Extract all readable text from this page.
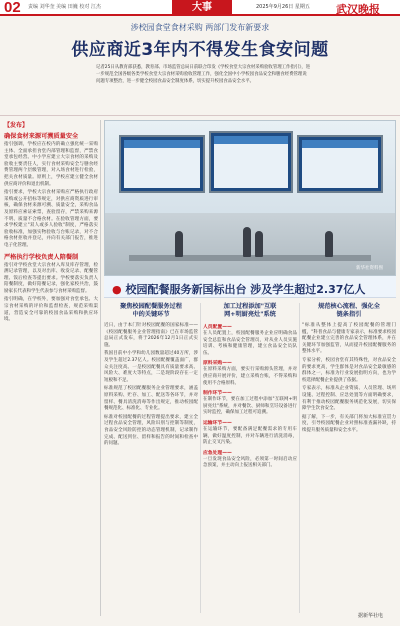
02 责编 刘华奎 美编 田巍 校对 江杰	大事	2025年9月26日 星期五 武汉晚报
涉校园食堂食材采购 两部门发布新要求
供应商近3年内不得发生食安问题
记者25日从教育部获悉，教育部、市场监管总局日前联合印发《学校食堂大宗食材采购验收管理工作指引》，进
一步规范全国各级各类学校食堂大宗食材采购验收管理工作，强化全国中小学校园食品安全和膳食经费管理说
问题专项整治，进一步健全校园食品安全制度体系，切实提升校园食品安全水平。
【发布】
确保食材来源可溯质量安全
指引强调，学校应在校内的确立强化统一采购主体、全面承担食堂内部管理和监督，严禁食堂承包经营。中小学应建立大宗食材的采购及验收主要责任人，实行食材采购安全与膳食经费管理两个层级管理，对入场食材进行检验，把关食材质量。原则上，学校应建立健全食材供应商评价和退出机制。
指引要求，学校大宗食材采购应严格执行政府采购或公开招标等规定，对供应商资质进行审核，确保食材来源可溯、质量安全，采购食品及原料应索证索票，查验留存，严禁采购来源不明、质量不合格食材。在验收管理方面，要求学校建立"双人或多人验收"制度，严格落实验收标准，加强实物验收与台账记录，对不合格食材拒收并登记，并向有关部门报告，推进电子化管理。
严格执行学校负责人陪餐制
指引对学校食堂大宗食材入库及库存管理，检测记录管理，以及对出库、收发记录、配餐管理、饭后检查等提出要求。学校要落实负责人陪餐制度，做好陪餐记录，强化家校共治，鼓励家长代表和学生代表参与食材采购监督。
指引明确，在学校外，要加强对食堂承包、大宗食材采购的评价和监督检查，规范采购渠道，营造安全可靠的校园食品采购和供应环境。
新华社资料图
● 校园配餐服务新国标出台 涉及学生超过2.37亿人
聚焦校园配餐服务过程
中的关键环节
近日，由于本门针对校园配餐的国家标准——《校园配餐服务企业管理指南》已在市场监管总局正式发布，将于2026年12月1日正式实施。
我国目前中小学和幼儿园数量超过40万所，涉及学生超过2.37亿人。校园配餐覆盖面广，群众关注度高。一是校园配餐具有质量要求高、风险大、难度大等特点，二是现阶段存在一定短板和不足。
标准规范了校园配餐服务企业管理要求，涵盖原料采购、贮存、加工、配送等各环节，并对留样、餐具清洗消毒等作出规定，推动校园配餐规范化、标准化、专业化。
标准对校园配餐的过程管理提出要求，建立全过程食品安全管理，风险识别与控制等制度，食品安全风险防控的动态管理机制，记录制作完成、配送到位、留样和报告的时间和检查中的问题。
加工过程添加"互联
网+明厨亮灶"系统
人员配置——
在人员配置上，校园配餐服务企业应明确食品安全总监和食品安全管理员，对从业人员实施培训、考核和健康管理，建立食品安全员队伍。
原料采购——
在原料采购方面，要实行采购源头管理，并对供应商开展评价，建立采购台账，不得采购和使用不合格原料。
制作环节——
在制作环节，要在加工过程中添加"互联网+明厨亮灶"系统，并对餐饮、厨师和烹饪设备进行实时监控，确保加工过程可追溯。
运输环节——
在运输环节，要配备满足配餐需求的专用车辆，做好温度控制，并对车辆进行清洗消毒，防止交叉污染。
应急处理——
一旦发现食品安全风险，必须第一时间启动应急预案，并主动向上报送相关部门。
规范核心流程、强化全
链条指引
"标准从整体上提高了校园配餐的管理门槛，"科普食品与健康专家表示，标准要求校园配餐企业建立完善的食品安全管理体系，并在关键环节加强监管，从而提升校园配餐服务的整体水平。
专家分析，校园食堂有其特殊性，对食品安全的要求更高，学生群体是对食品安全最敏感的群体之一，标准为行业发展指明方向，也为学校选择配餐企业提供了依据。
专家表示，标准从企业资质、人员管理、场所设施、过程控制、应急处置等方面明确要求，有利于推动校园配餐服务规范化发展，切实保障学生饮食安全。
据了解，下一步，有关部门将加大标准宣贯力度，引导校园配餐企业对照标准查漏补缺，持续提升服务质量和安全水平。
据新华社电
